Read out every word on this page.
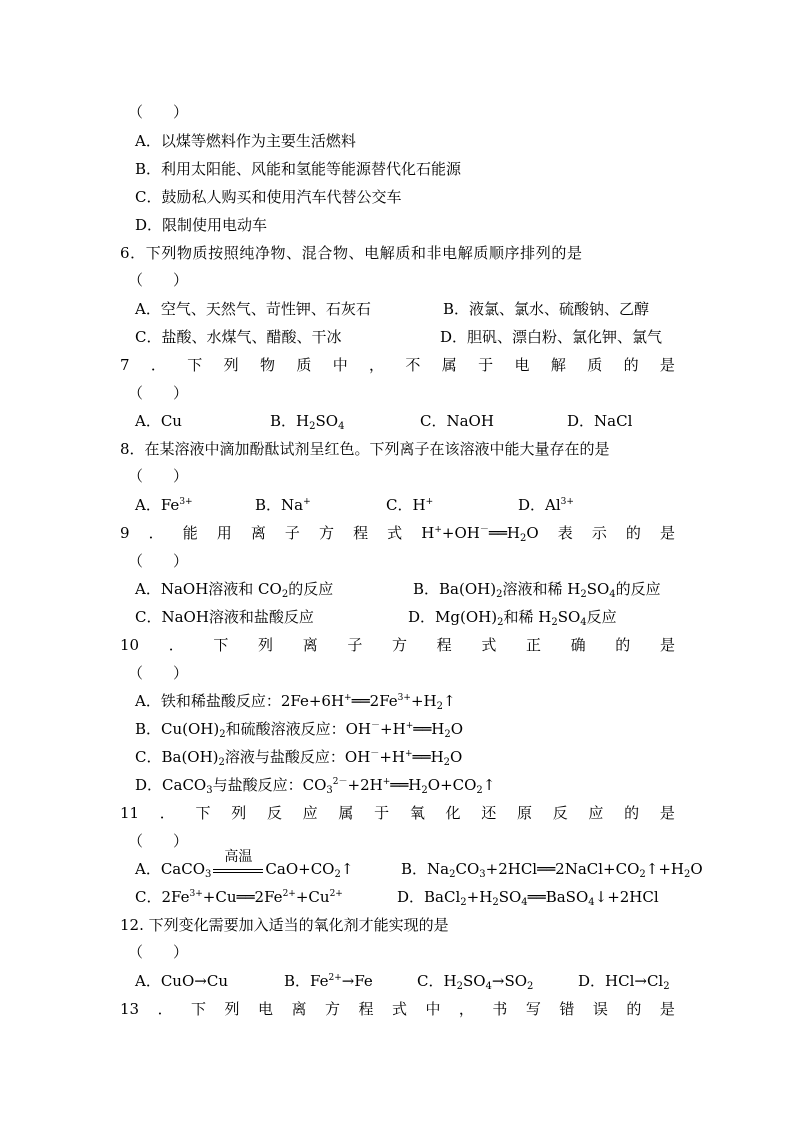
（　　）
A．以煤等燃料作为主要生活燃料
B．利用太阳能、风能和氢能等能源替代化石能源
C．鼓励私人购买和使用汽车代替公交车
D．限制使用电动车
6．下列物质按照纯净物、混合物、电解质和非电解质顺序排列的是
（　　）
A．空气、天然气、苛性钾、石灰石	B．液氯、氯水、硫酸钠、乙醇
C．盐酸、水煤气、醋酸、干冰	D．胆矾、漂白粉、氯化钾、氯气
7 ． 下 列 物 质 中 ， 不 属 于 电 解 质 的 是
（　　）
A．Cu	B．$H_2SO_4$	C．NaOH	D．NaCl
8．在某溶液中滴加酚酞试剂呈红色。下列离子在该溶液中能大量存在的是
（　　）
A．$Fe^{3+}$	B．Na+	C．H+	D．$Al^{3+}$
9 ． 能 用 离 子 方 程 式 $H^++OH^-══H_2O$ 表 示 的 是
（　　）
A．NaOH溶液和 $CO_2$的反应	B．$Ba(OH)_2$溶液和稀 $H_2SO_4$的反应
C．NaOH溶液和盐酸反应	D．$Mg(OH)_2$和稀 $H_2SO_4$反应
10 ． 下 列 离 子 方 程 式 正 确 的 是
（　　）
A．铁和稀盐酸反应：$2Fe+6H^+══2Fe^{3+}+H_2↑$
B．$Cu(OH)_2$和硫酸溶液反应：$OH^-+H^+══H_2O$
C．$Ba(OH)_2$溶液与盐酸反应：$OH^-+H^+══H_2O$
D．CaCO$_3$与盐酸反应：$CO_3^{2-}+2H^+══H_2O+CO_2↑$
11 ． 下 列 反 应 属 于 氧 化 还 原 反 应 的 是
（　　）
A．CaCO$_3$
高温
$CaO+CO_2↑$	B．$Na_2CO_3+2HCl══2NaCl+CO_2↑+H_2O$
C．$2Fe^{3+}+Cu══2Fe^{2+}+Cu^{2+}$	D．$BaCl_2+H_2SO_4══BaSO_4↓+2HCl$
12. 下列变化需要加入适当的氧化剂才能实现的是
（　　）
A．CuO→Cu	B．$Fe^{2+}\to Fe$	C．$H_2SO_4\to SO_2$	D．$HCl\to Cl_2$
13 ． 下 列 电 离 方 程 式 中 ， 书 写 错 误 的 是
